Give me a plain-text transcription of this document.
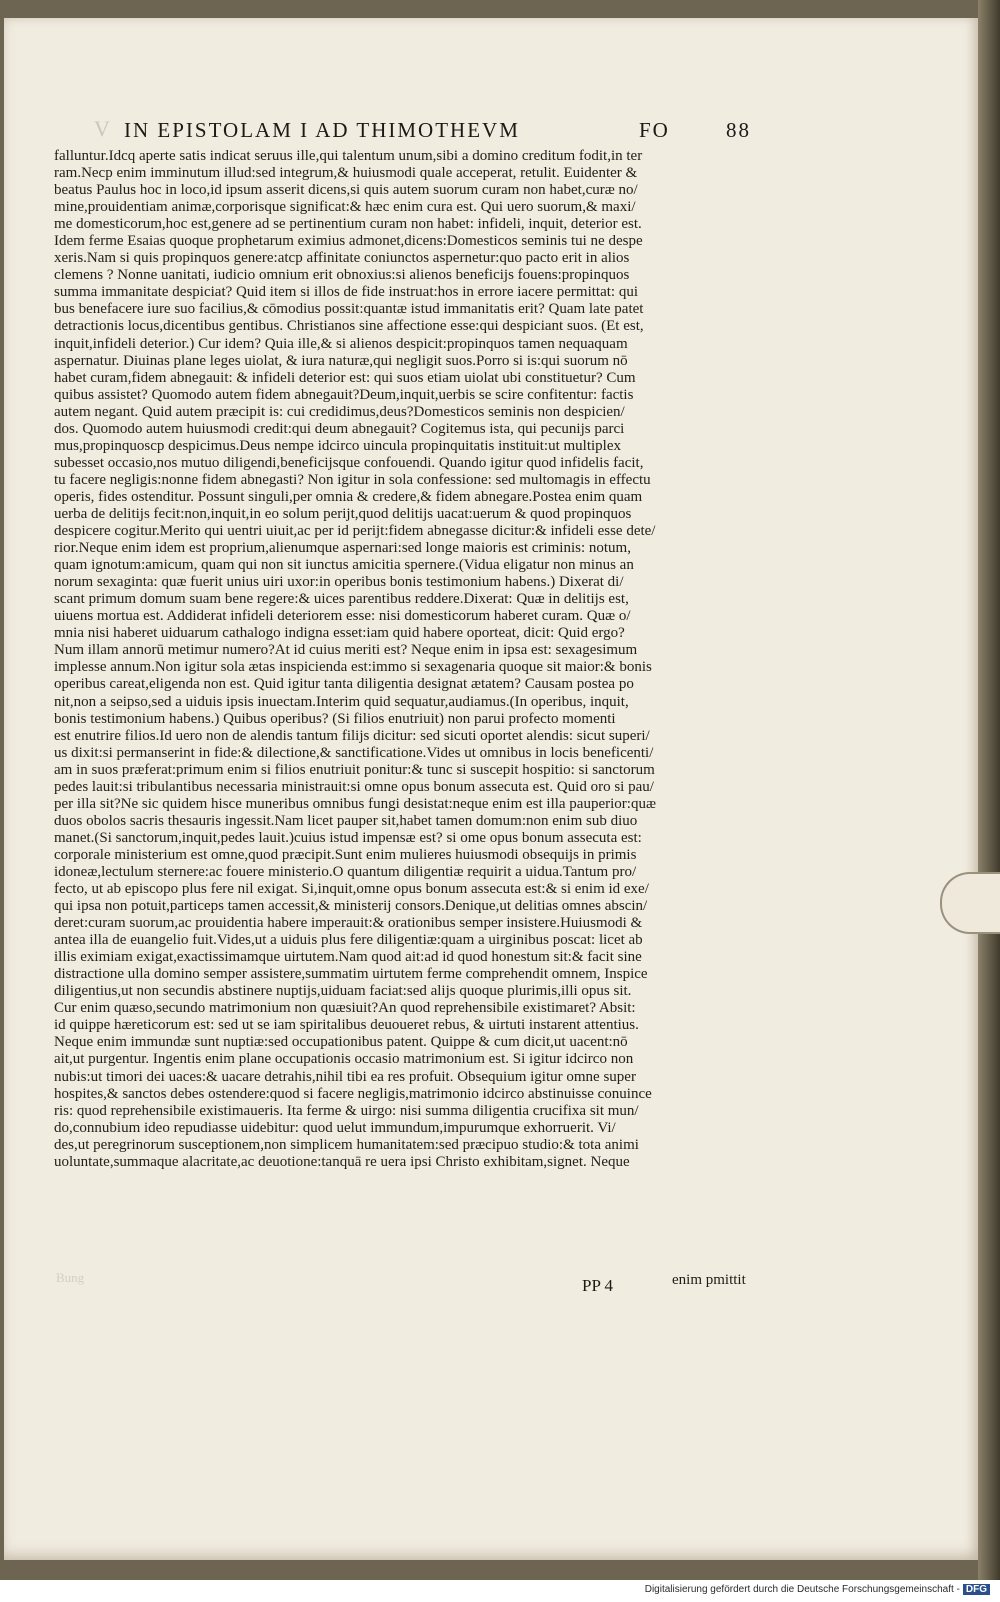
V IN EPISTOLAM I AD THIMOTHEVM	FO	88
falluntur.Idcq aperte satis indicat seruus ille,qui talentum unum,sibi a domino creditum fodit,in ter
ram.Necp enim imminutum illud:sed integrum,& huiusmodi quale acceperat, retulit. Euidenter &
beatus Paulus hoc in loco,id ipsum asserit dicens,si quis autem suorum curam non habet,curæ no/
mine,prouidentiam animæ,corporisque significat:& hæc enim cura est. Qui uero suorum,& maxi/
me domesticorum,hoc est,genere ad se pertinentium curam non habet: infideli, inquit, deterior est.
Idem ferme Esaias quoque prophetarum eximius admonet,dicens:Domesticos seminis tui ne despe
xeris.Nam si quis propinquos genere:atcp affinitate coniunctos aspernetur:quo pacto erit in alios
clemens ? Nonne uanitati, iudicio omnium erit obnoxius:si alienos beneficijs fouens:propinquos
summa immanitate despiciat? Quid item si illos de fide instruat:hos in errore iacere permittat: qui
bus benefacere iure suo facilius,& cōmodius possit:quantæ istud immanitatis erit? Quam late patet
detractionis locus,dicentibus gentibus. Christianos sine affectione esse:qui despiciant suos. (Et est,
inquit,infideli deterior.) Cur idem? Quia ille,& si alienos despicit:propinquos tamen nequaquam
aspernatur. Diuinas plane leges uiolat, & iura naturæ,qui negligit suos.Porro si is:qui suorum nō
habet curam,fidem abnegauit: & infideli deterior est: qui suos etiam uiolat ubi constituetur? Cum
quibus assistet? Quomodo autem fidem abnegauit?Deum,inquit,uerbis se scire confitentur: factis
autem negant. Quid autem præcipit is: cui credidimus,deus?Domesticos seminis non despicien/
dos. Quomodo autem huiusmodi credit:qui deum abnegauit? Cogitemus ista, qui pecunijs parci
mus,propinquoscp despicimus.Deus nempe idcirco uincula propinquitatis instituit:ut multiplex
subesset occasio,nos mutuo diligendi,beneficijsque confouendi. Quando igitur quod infidelis facit,
tu facere negligis:nonne fidem abnegasti? Non igitur in sola confessione: sed multomagis in effectu
operis, fides ostenditur. Possunt singuli,per omnia & credere,& fidem abnegare.Postea enim quam
uerba de delitijs fecit:non,inquit,in eo solum perijt,quod delitijs uacat:uerum & quod propinquos
despicere cogitur.Merito qui uentri uiuit,ac per id perijt:fidem abnegasse dicitur:& infideli esse dete/
rior.Neque enim idem est proprium,alienumque aspernari:sed longe maioris est criminis: notum,
quam ignotum:amicum, quam qui non sit iunctus amicitia spernere.(Vidua eligatur non minus an
norum sexaginta: quæ fuerit unius uiri uxor:in operibus bonis testimonium habens.) Dixerat di/
scant primum domum suam bene regere:& uices parentibus reddere.Dixerat: Quæ in delitijs est,
uiuens mortua est. Addiderat infideli deteriorem esse: nisi domesticorum haberet curam. Quæ o/
mnia nisi haberet uiduarum cathalogo indigna esset:iam quid habere oporteat, dicit: Quid ergo?
Num illam annorū metimur numero?At id cuius meriti est? Neque enim in ipsa est: sexagesimum
implesse annum.Non igitur sola ætas inspicienda est:immo si sexagenaria quoque sit maior:& bonis
operibus careat,eligenda non est. Quid igitur tanta diligentia designat ætatem? Causam postea po
nit,non a seipso,sed a uiduis ipsis inuectam.Interim quid sequatur,audiamus.(In operibus, inquit,
bonis testimonium habens.) Quibus operibus? (Si filios enutriuit) non parui profecto momenti
est enutrire filios.Id uero non de alendis tantum filijs dicitur: sed sicuti oportet alendis: sicut superi/
us dixit:si permanserint in fide:& dilectione,& sanctificatione.Vides ut omnibus in locis beneficenti/
am in suos præferat:primum enim si filios enutriuit ponitur:& tunc si suscepit hospitio: si sanctorum
pedes lauit:si tribulantibus necessaria ministrauit:si omne opus bonum assecuta est. Quid oro si pau/
per illa sit?Ne sic quidem hisce muneribus omnibus fungi desistat:neque enim est illa pauperior:quæ
duos obolos sacris thesauris ingessit.Nam licet pauper sit,habet tamen domum:non enim sub diuo
manet.(Si sanctorum,inquit,pedes lauit.)cuius istud impensæ est? si ome opus bonum assecuta est:
corporale ministerium est omne,quod præcipit.Sunt enim mulieres huiusmodi obsequijs in primis
idoneæ,lectulum sternere:ac fouere ministerio.O quantum diligentiæ requirit a uidua.Tantum pro/
fecto, ut ab episcopo plus fere nil exigat. Si,inquit,omne opus bonum assecuta est:& si enim id exe/
qui ipsa non potuit,particeps tamen accessit,& ministerij consors.Denique,ut delitias omnes abscin/
deret:curam suorum,ac prouidentia habere imperauit:& orationibus semper insistere.Huiusmodi &
antea illa de euangelio fuit.Vides,ut a uiduis plus fere diligentiæ:quam a uirginibus poscat: licet ab
illis eximiam exigat,exactissimamque uirtutem.Nam quod ait:ad id quod honestum sit:& facit sine
distractione ulla domino semper assistere,summatim uirtutem ferme comprehendit omnem, Inspice
diligentius,ut non secundis abstinere nuptijs,uiduam faciat:sed alijs quoque plurimis,illi opus sit.
Cur enim quæso,secundo matrimonium non quæsiuit?An quod reprehensibile existimaret? Absit:
id quippe hæreticorum est: sed ut se iam spiritalibus deuoueret rebus, & uirtuti instarent attentius.
Neque enim immundæ sunt nuptiæ:sed occupationibus patent. Quippe & cum dicit,ut uacent:nō
ait,ut purgentur. Ingentis enim plane occupationis occasio matrimonium est. Si igitur idcirco non
nubis:ut timori dei uaces:& uacare detrahis,nihil tibi ea res profuit. Obsequium igitur omne super
hospites,& sanctos debes ostendere:quod si facere negligis,matrimonio idcirco abstinuisse conuince
ris: quod reprehensibile existimaueris. Ita ferme & uirgo: nisi summa diligentia crucifixa sit mun/
do,connubium ideo repudiasse uidebitur: quod uelut immundum,impurumque exhorruerit. Vi/
des,ut peregrinorum susceptionem,non simplicem humanitatem:sed præcipuo studio:& tota animi
uoluntate,summaque alacritate,ac deuotione:tanquā re uera ipsi Christo exhibitam,signet. Neque
Bung	PP 4	enim pmittit
Digitalisierung gefördert durch die Deutsche Forschungsgemeinschaft - DFG
